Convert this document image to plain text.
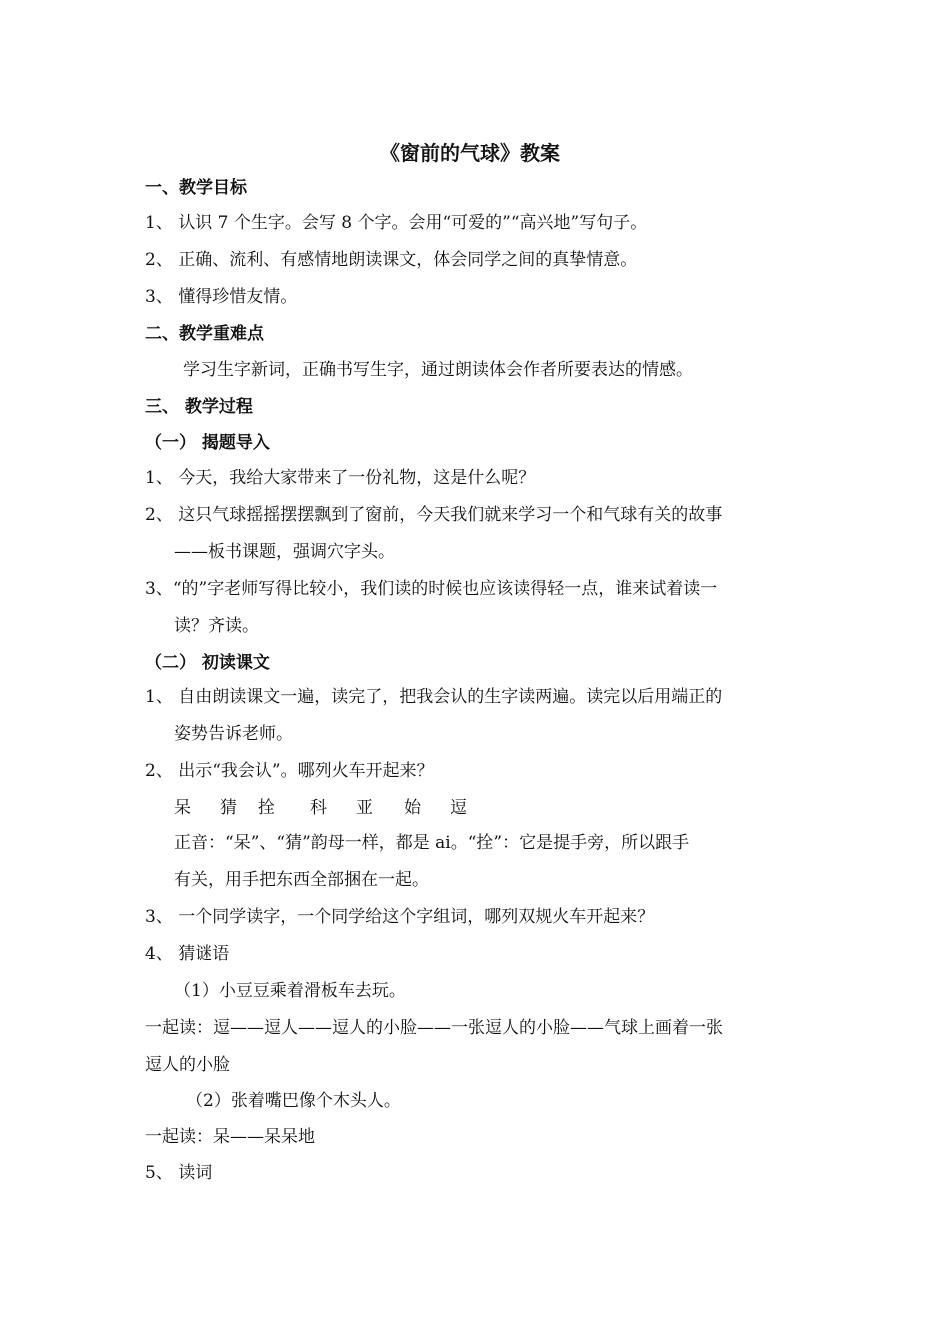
《窗前的气球》教案
一、教学目标
1、 认识 7 个生字。会写 8 个字。会用“可爱的”“高兴地”写句子。
2、 正确、流利、有感情地朗读课文，体会同学之间的真挚情意。
3、 懂得珍惜友情。
二、教学重难点
学习生字新词，正确书写生字，通过朗读体会作者所要表达的情感。
三、 教学过程
（一） 揭题导入
1、 今天，我给大家带来了一份礼物，这是什么呢？
2、 这只气球摇摇摆摆飘到了窗前，今天我们就来学习一个和气球有关的故事
——板书课题，强调穴字头。
3、“的”字老师写得比较小，我们读的时候也应该读得轻一点，谁来试着读一
读？齐读。
（二） 初读课文
1、 自由朗读课文一遍，读完了，把我会认的生字读两遍。读完以后用端正的
姿势告诉老师。
2、 出示“我会认”。哪列火车开起来？
呆 猜 拴 科 亚 始 逗
正音：“呆”、“猜”韵母一样，都是 ai。“拴”：它是提手旁，所以跟手
有关，用手把东西全部捆在一起。
3、 一个同学读字，一个同学给这个字组词，哪列双规火车开起来？
4、 猜谜语
（1）小豆豆乘着滑板车去玩。
一起读：逗——逗人——逗人的小脸——一张逗人的小脸——气球上画着一张
逗人的小脸
（2）张着嘴巴像个木头人。
一起读：呆——呆呆地
5、 读词
